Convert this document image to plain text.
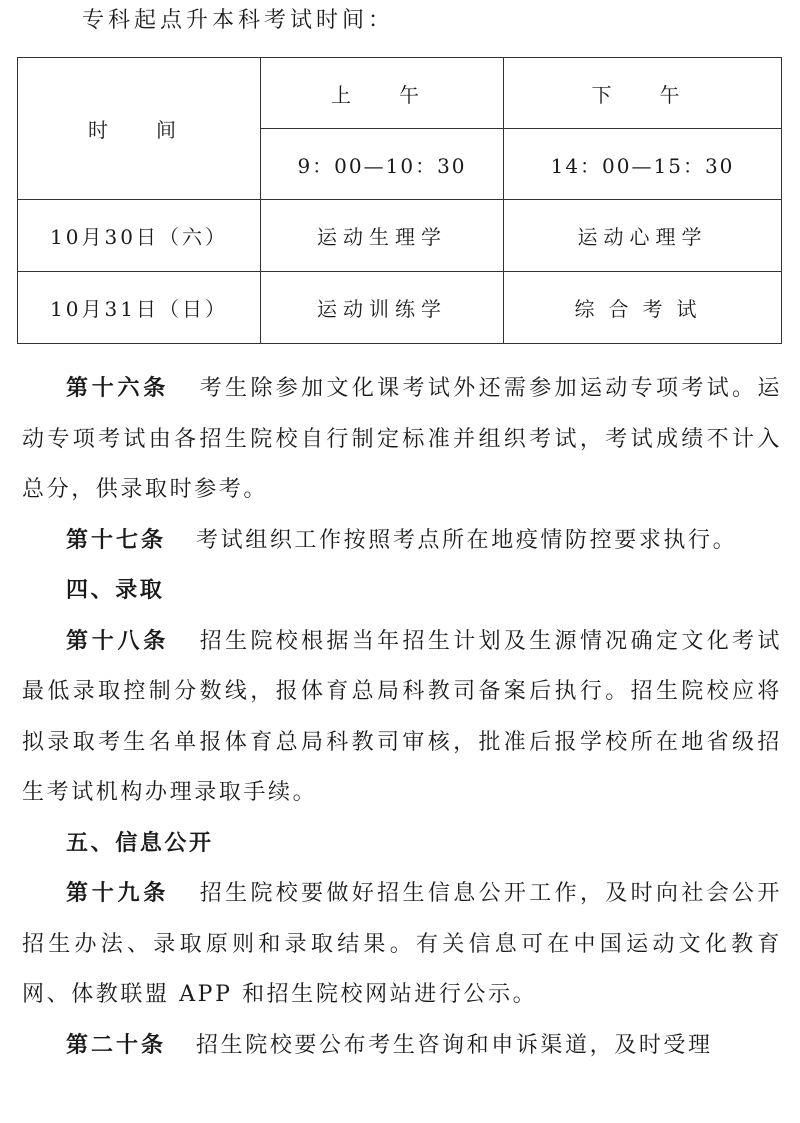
专科起点升本科考试时间：
时　间	上　午	下　午
	9：00—10：30	14：00—15：30
10月30日（六）	运动生理学	运动心理学
10月31日（日）	运动训练学	综合考试

第十六条 考生除参加文化课考试外还需参加运动专项考试。运动专项考试由各招生院校自行制定标准并组织考试，考试成绩不计入总分，供录取时参考。

第十七条 考试组织工作按照考点所在地疫情防控要求执行。

四、录取

第十八条 招生院校根据当年招生计划及生源情况确定文化考试最低录取控制分数线，报体育总局科教司备案后执行。招生院校应将拟录取考生名单报体育总局科教司审核，批准后报学校所在地省级招生考试机构办理录取手续。

五、信息公开

第十九条 招生院校要做好招生信息公开工作，及时向社会公开招生办法、录取原则和录取结果。有关信息可在中国运动文化教育网、体教联盟 APP 和招生院校网站进行公示。

第二十条 招生院校要公布考生咨询和申诉渠道，及时受理
